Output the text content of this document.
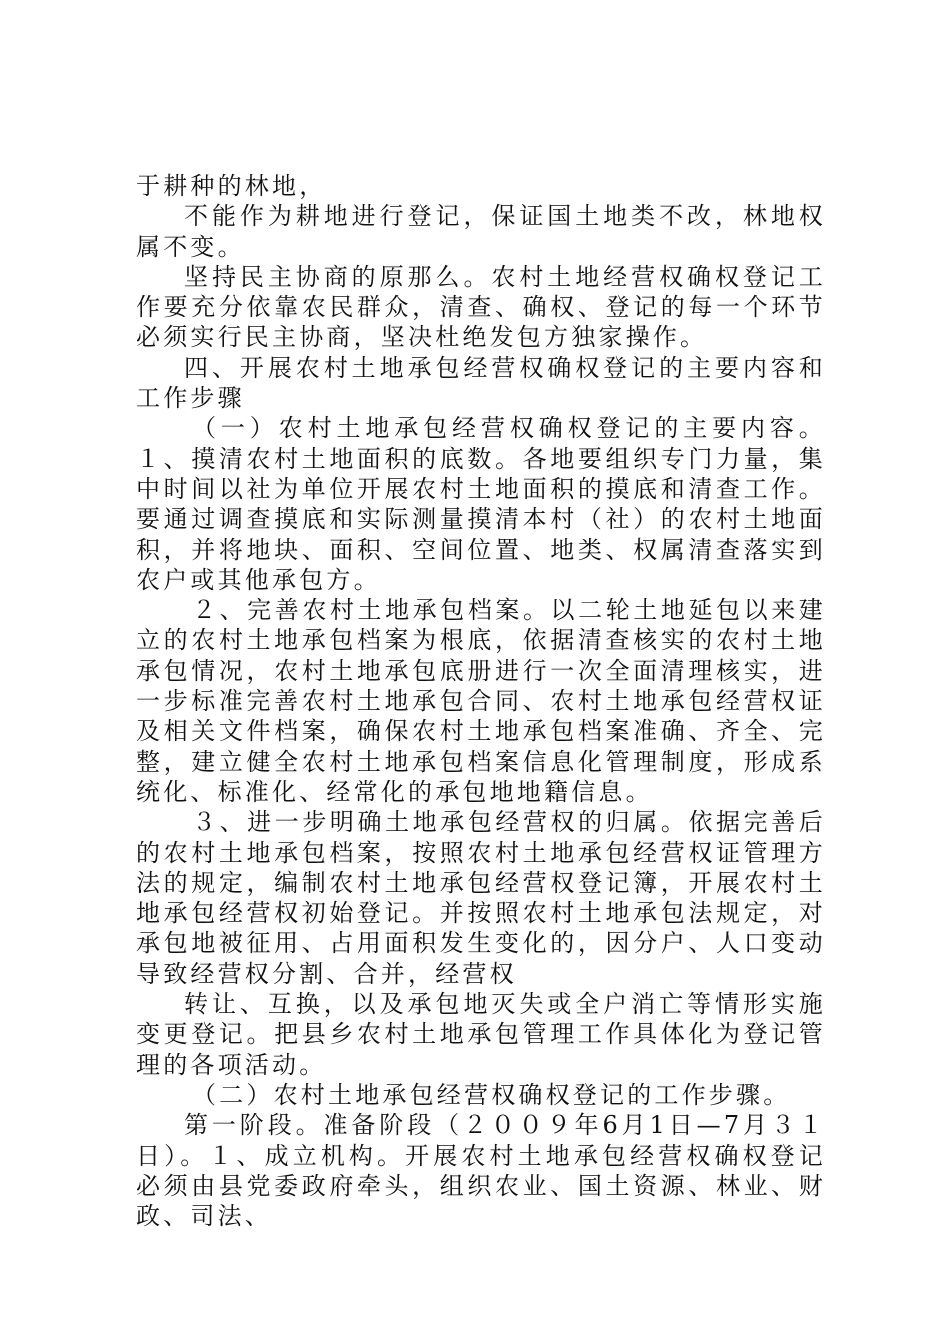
于耕种的林地，

不能作为耕地进行登记，保证国土地类不改，林地权属不变。

坚持民主协商的原那么。农村土地经营权确权登记工作要充分依靠农民群众，清查、确权、登记的每一个环节必须实行民主协商，坚决杜绝发包方独家操作。

四、开展农村土地承包经营权确权登记的主要内容和工作步骤

（一）农村土地承包经营权确权登记的主要内容。１、摸清农村土地面积的底数。各地要组织专门力量，集中时间以社为单位开展农村土地面积的摸底和清查工作。要通过调查摸底和实际测量摸清本村（社）的农村土地面积，并将地块、面积、空间位置、地类、权属清查落实到农户或其他承包方。

２、完善农村土地承包档案。以二轮土地延包以来建立的农村土地承包档案为根底，依据清查核实的农村土地承包情况，农村土地承包底册进行一次全面清理核实，进一步标准完善农村土地承包合同、农村土地承包经营权证及相关文件档案，确保农村土地承包档案准确、齐全、完整，建立健全农村土地承包档案信息化管理制度，形成系统化、标准化、经常化的承包地地籍信息。

３、进一步明确土地承包经营权的归属。依据完善后的农村土地承包档案，按照农村土地承包经营权证管理方法的规定，编制农村土地承包经营权登记簿，开展农村土地承包经营权初始登记。并按照农村土地承包法规定，对承包地被征用、占用面积发生变化的，因分户、人口变动导致经营权分割、合并，经营权

转让、互换，以及承包地灭失或全户消亡等情形实施变更登记。把县乡农村土地承包管理工作具体化为登记管理的各项活动。

（二）农村土地承包经营权确权登记的工作步骤。

第一阶段。准备阶段（２００９年6月1日—7月３１日）。１、成立机构。开展农村土地承包经营权确权登记必须由县党委政府牵头，组织农业、国土资源、林业、财政、司法、
